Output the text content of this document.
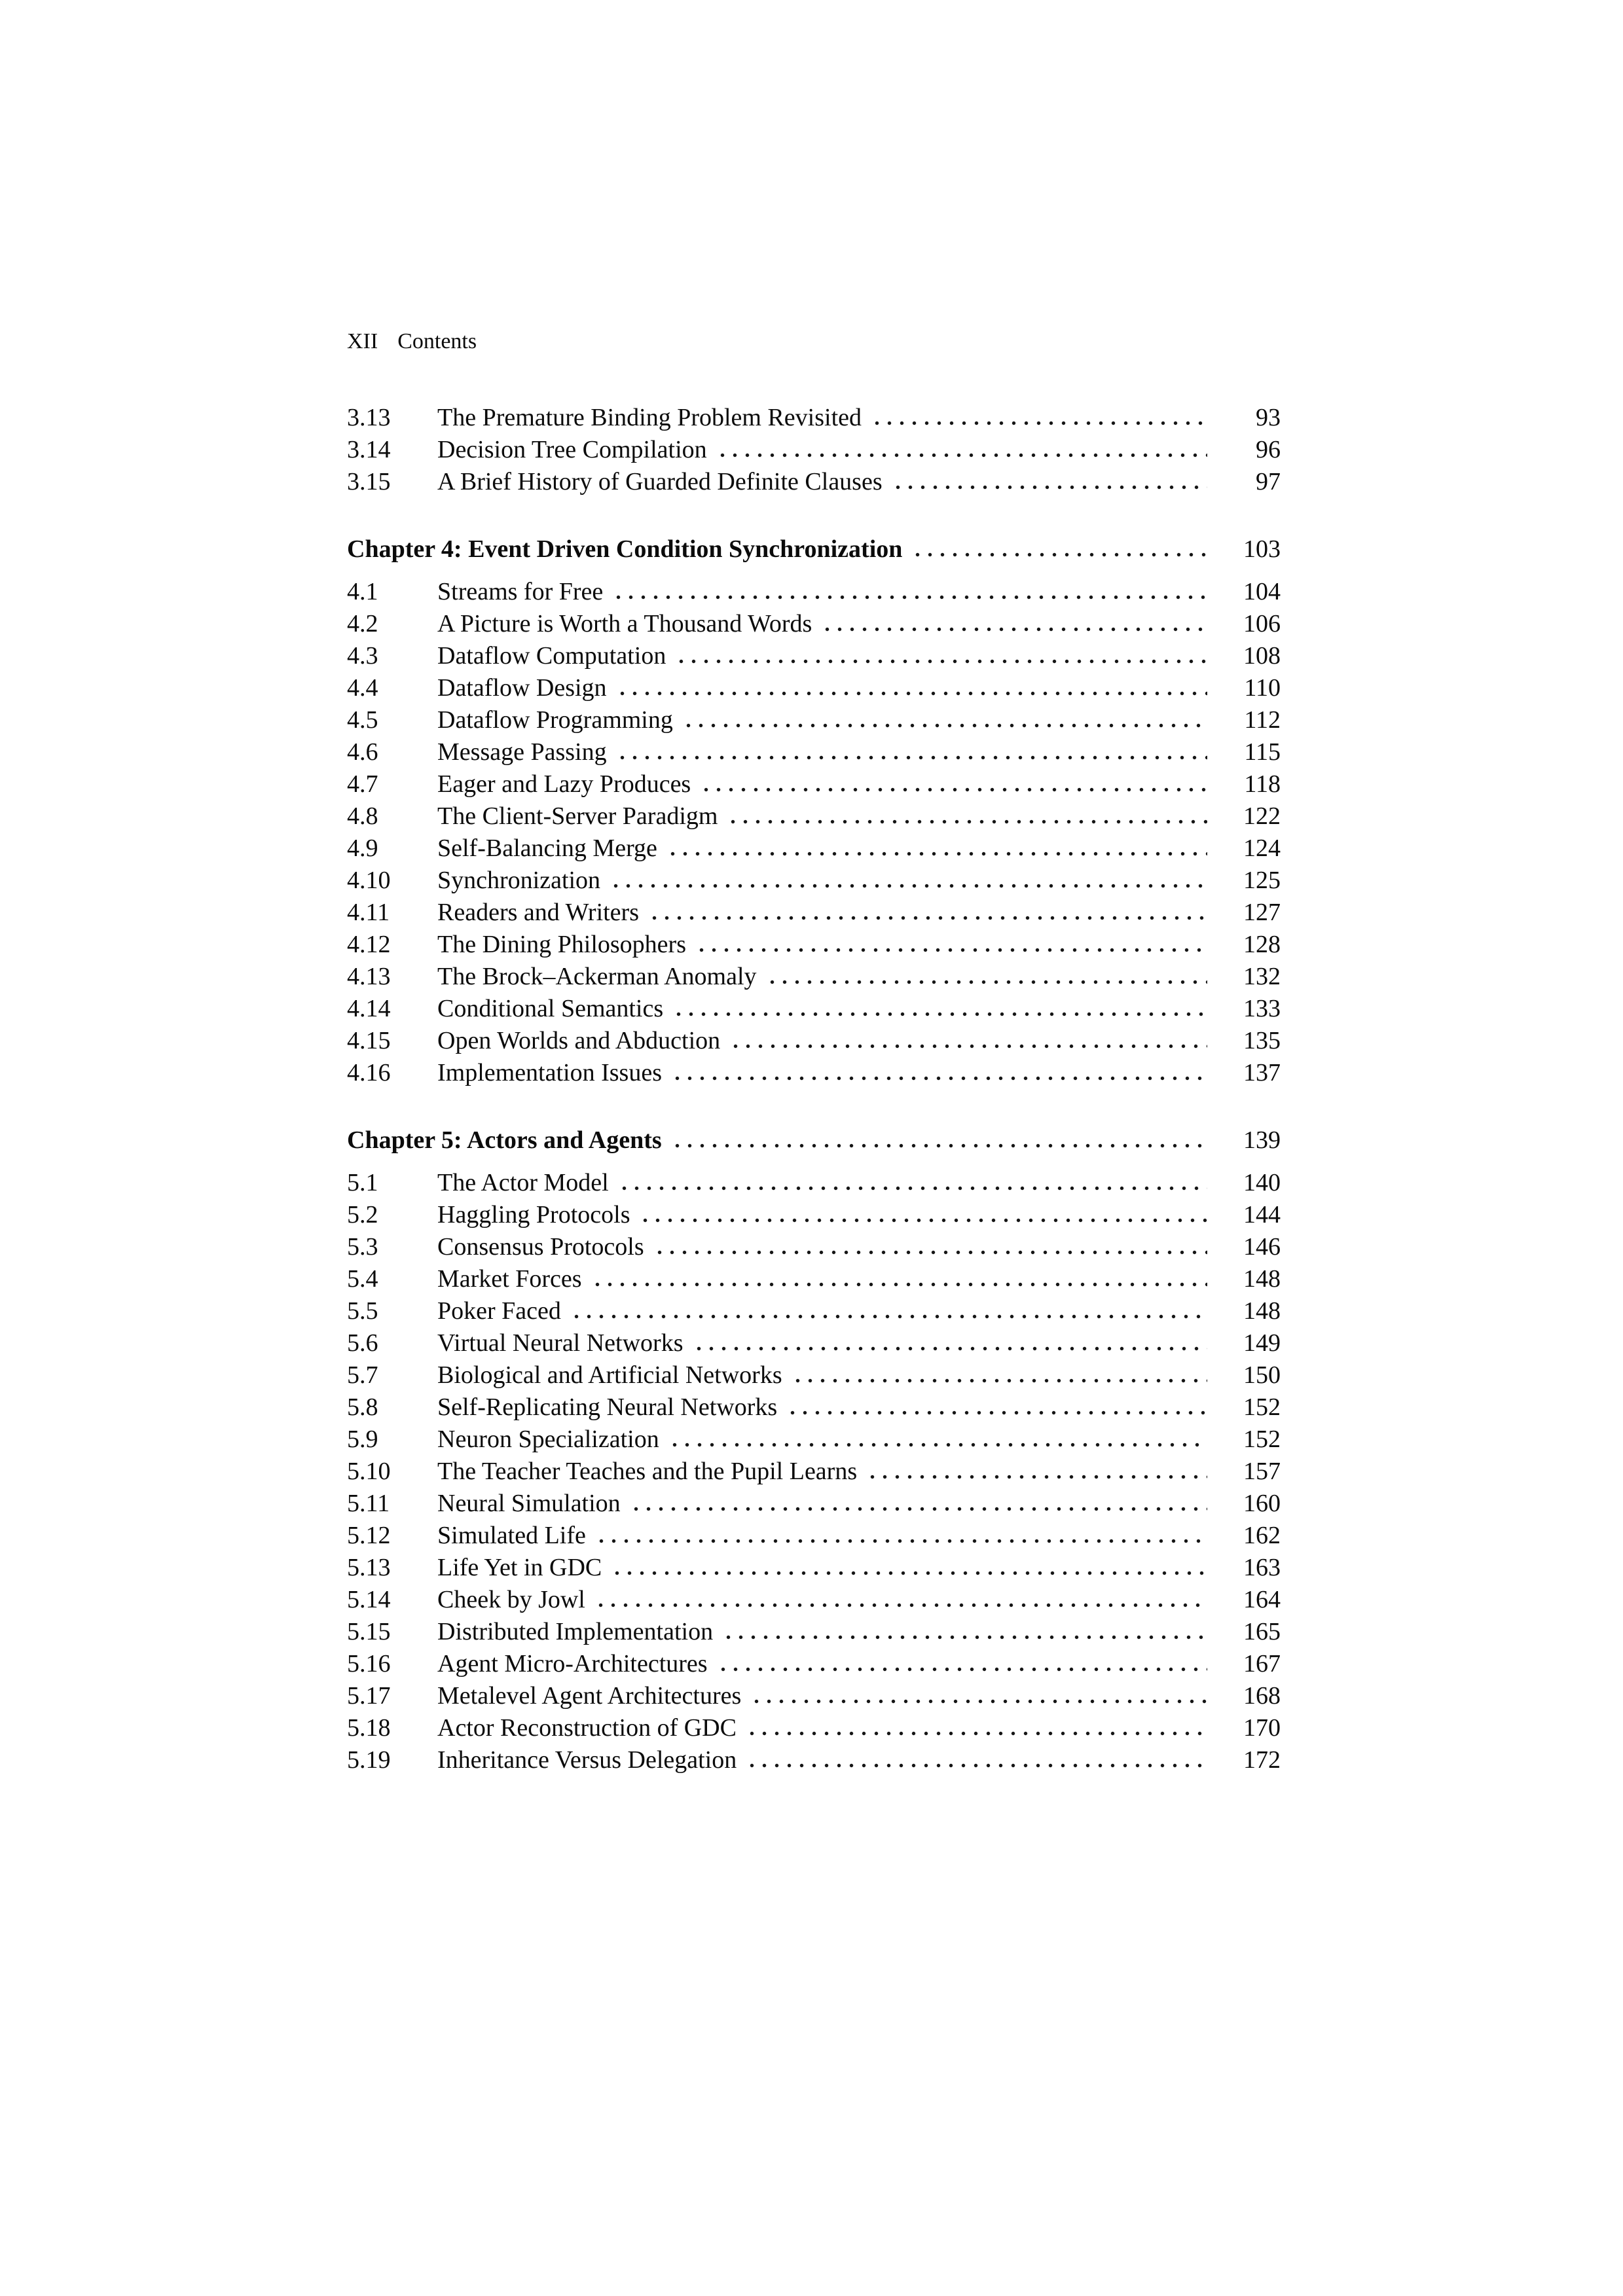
XII Contents
3.13	The Premature Binding Problem Revisited	93
3.14	Decision Tree Compilation	96
3.15	A Brief History of Guarded Definite Clauses	97
Chapter 4: Event Driven Condition Synchronization	103
4.1	Streams for Free	104
4.2	A Picture is Worth a Thousand Words	106
4.3	Dataflow Computation	108
4.4	Dataflow Design	110
4.5	Dataflow Programming	112
4.6	Message Passing	115
4.7	Eager and Lazy Produces	118
4.8	The Client-Server Paradigm	122
4.9	Self-Balancing Merge	124
4.10	Synchronization	125
4.11	Readers and Writers	127
4.12	The Dining Philosophers	128
4.13	The Brock–Ackerman Anomaly	132
4.14	Conditional Semantics	133
4.15	Open Worlds and Abduction	135
4.16	Implementation Issues	137
Chapter 5: Actors and Agents	139
5.1	The Actor Model	140
5.2	Haggling Protocols	144
5.3	Consensus Protocols	146
5.4	Market Forces	148
5.5	Poker Faced	148
5.6	Virtual Neural Networks	149
5.7	Biological and Artificial Networks	150
5.8	Self-Replicating Neural Networks	152
5.9	Neuron Specialization	152
5.10	The Teacher Teaches and the Pupil Learns	157
5.11	Neural Simulation	160
5.12	Simulated Life	162
5.13	Life Yet in GDC	163
5.14	Cheek by Jowl	164
5.15	Distributed Implementation	165
5.16	Agent Micro-Architectures	167
5.17	Metalevel Agent Architectures	168
5.18	Actor Reconstruction of GDC	170
5.19	Inheritance Versus Delegation	172
